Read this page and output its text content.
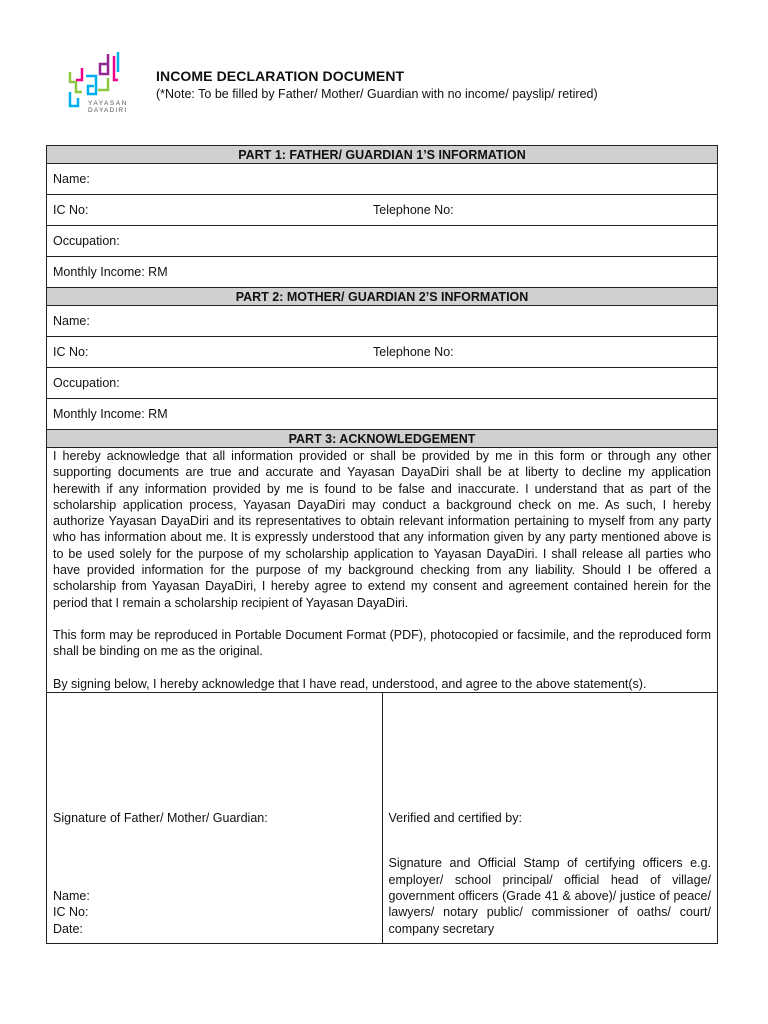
YAYASAN
DAYADIRI
INCOME DECLARATION DOCUMENT
(*Note: To be filled by Father/ Mother/ Guardian with no income/ payslip/ retired)
PART 1: FATHER/ GUARDIAN 1’S INFORMATION
Name:
IC No:	Telephone No:
Occupation:
Monthly Income: RM
PART 2: MOTHER/ GUARDIAN 2’S INFORMATION
Name:
IC No:	Telephone No:
Occupation:
Monthly Income: RM
PART 3: ACKNOWLEDGEMENT

I hereby acknowledge that all information provided or shall be provided by me in this form or through any other supporting documents are true and accurate and Yayasan DayaDiri shall be at liberty to decline my application herewith if any information provided by me is found to be false and inaccurate. I understand that as part of the scholarship application process, Yayasan DayaDiri may conduct a background check on me. As such, I hereby authorize Yayasan DayaDiri and its representatives to obtain relevant information pertaining to myself from any party who has information about me. It is expressly understood that any information given by any party mentioned above is to be used solely for the purpose of my scholarship application to Yayasan DayaDiri. I shall release all parties who have provided information for the purpose of my background checking from any liability. Should I be offered a scholarship from Yayasan DayaDiri, I hereby agree to extend my consent and agreement contained herein for the period that I remain a scholarship recipient of Yayasan DayaDiri.

This form may be reproduced in Portable Document Format (PDF), photocopied or facsimile, and the reproduced form shall be binding on me as the original.

By signing below, I hereby acknowledge that I have read, understood, and agree to the above statement(s).

Signature of Father/ Mother/ Guardian:
Name:
IC No:
Date:

Verified and certified by:
Signature and Official Stamp of certifying officers e.g. employer/ school principal/ official head of village/ government officers (Grade 41 & above)/ justice of peace/ lawyers/ notary public/ commissioner of oaths/ court/ company secretary
